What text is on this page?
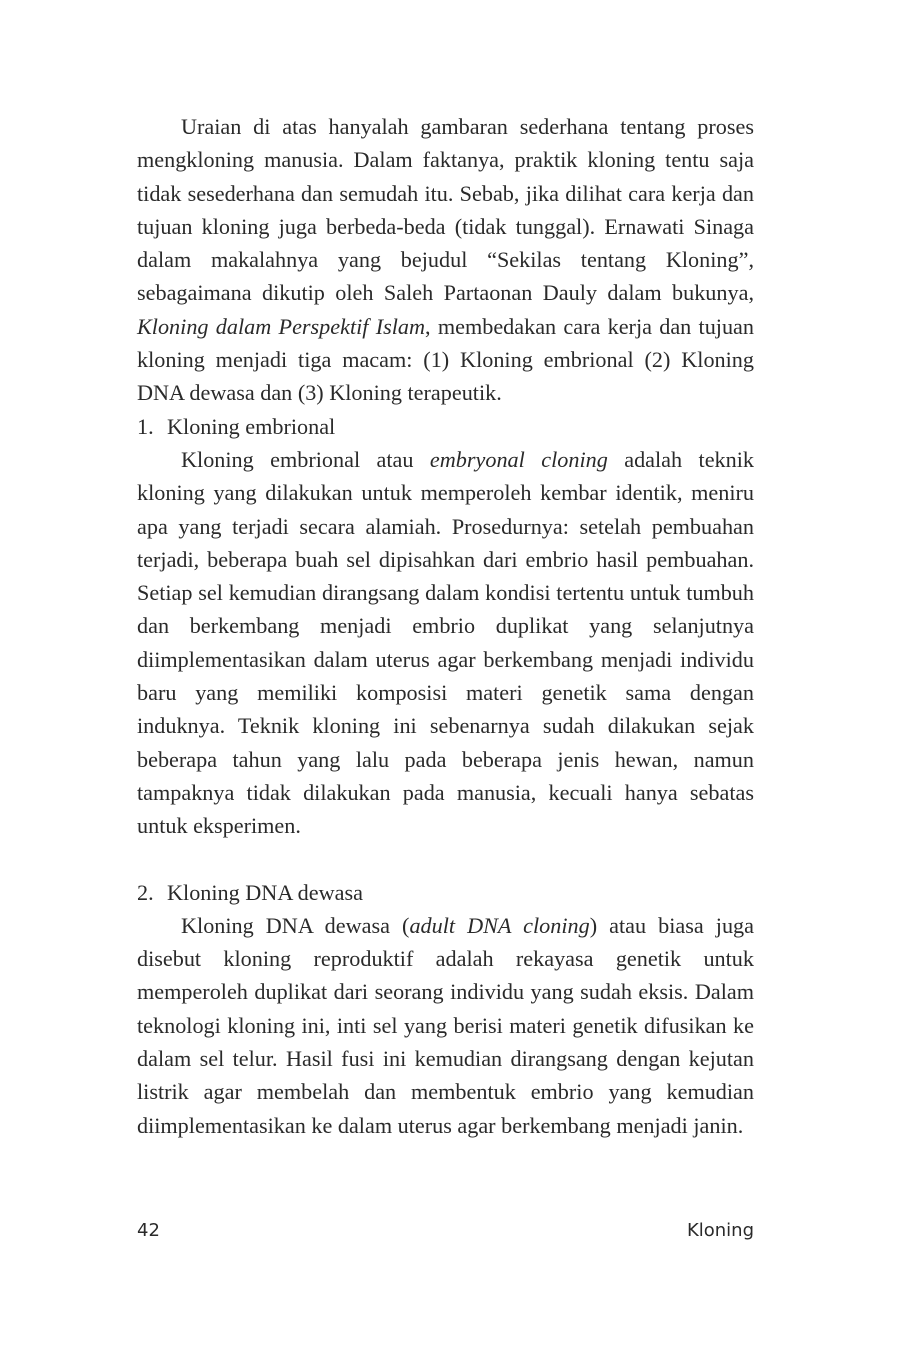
Uraian di atas hanyalah gambaran sederhana tentang proses mengkloning manusia. Dalam faktanya, praktik kloning tentu saja tidak sesederhana dan semudah itu. Sebab, jika dilihat cara kerja dan tujuan kloning juga berbeda-beda (tidak tunggal). Ernawati Sinaga dalam makalahnya yang bejudul “Sekilas tentang Kloning”, sebagaimana dikutip oleh Saleh Partaonan Dauly dalam bukunya, Kloning dalam Perspektif Islam, membedakan cara kerja dan tujuan kloning menjadi tiga macam: (1) Kloning embrional (2) Kloning DNA dewasa dan (3) Kloning terapeutik.

1. Kloning embrional

Kloning embrional atau embryonal cloning adalah teknik kloning yang dilakukan untuk memperoleh kembar identik, meniru apa yang terjadi secara alamiah. Prosedurnya: setelah pembuahan terjadi, beberapa buah sel dipisahkan dari embrio hasil pembuahan. Setiap sel kemudian dirangsang dalam kondisi tertentu untuk tumbuh dan berkembang menjadi embrio duplikat yang selanjutnya diimplementasikan dalam uterus agar berkembang menjadi individu baru yang memiliki komposisi materi genetik sama dengan induknya. Teknik kloning ini sebenarnya sudah dilakukan sejak beberapa tahun yang lalu pada beberapa jenis hewan, namun tampaknya tidak dilakukan pada manusia, kecuali hanya sebatas untuk eksperimen.

2. Kloning DNA dewasa

Kloning DNA dewasa (adult DNA cloning) atau biasa juga disebut kloning reproduktif adalah rekayasa genetik untuk memperoleh duplikat dari seorang individu yang sudah eksis. Dalam teknologi kloning ini, inti sel yang berisi materi genetik difusikan ke dalam sel telur. Hasil fusi ini kemudian dirangsang dengan kejutan listrik agar membelah dan membentuk embrio yang kemudian diimplementasikan ke dalam uterus agar berkembang menjadi janin.

42	Kloning
